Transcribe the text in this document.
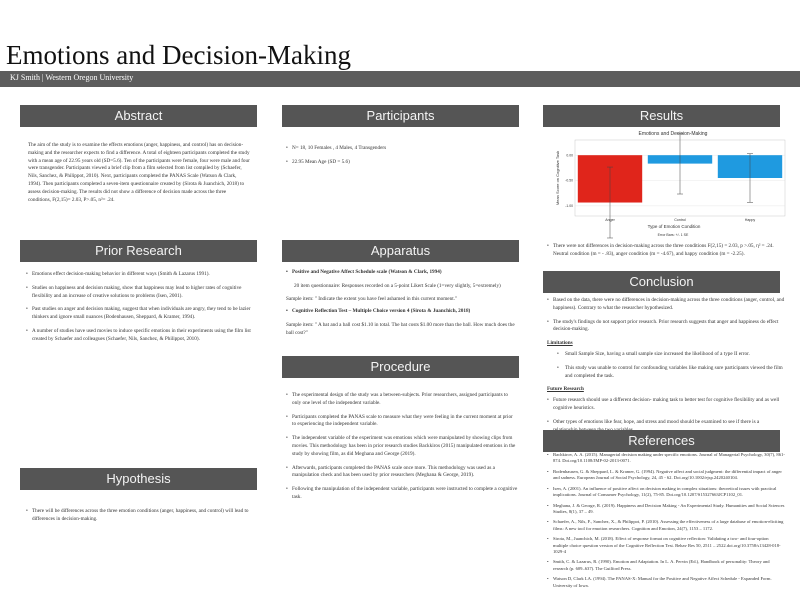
Emotions and Decision-Making
KJ Smith | Western Oregon University
Abstract

The aim of the study is to examine the effects emotions (anger, happiness, and control) has on decision-making and the researcher expects to find a difference. A total of eighteen participants completed the study with a mean age of 22.95 years old (SD=5.6). Ten of the participants were female, four were male and four were transgender. Participants viewed a brief clip from a film selected from list compiled by (Schaefer, Nils, Sanchez, & Philippot, 2010). Next, participants completed the PANAS Scale (Watson & Clark, 1994). Then participants completed a seven-item questionnaire created by (Sirota & Juanchich, 2018) to assess decision-making. The results did not show a difference of decision made across the three conditions, F(2,15)= 2.03, P>.05, n²= .24.

Prior Research
• Emotions effect decision-making behavior in different ways (Smith & Lazarus 1991).
• Studies on happiness and decision making, show that happiness may lead to higher rates of cognitive flexibility and an increase of creative solutions to problems (Isen, 2001).
• Past studies on anger and decision making, suggest that when individuals are angry, they tend to be lazier thinkers and ignore small nuances (Bodenhausen, Sheppard, & Kramer, 1994).
• A number of studies have used movies to induce specific emotions in their experiments using the film list created by Schaefer and colleagues (Schaefer, Nils, Sanchez, & Philippot, 2010).
Hypothesis
• There will be differences across the three emotion conditions (anger, happiness, and control) will lead to differences in decision-making.
Participants
• N= 18, 10 Females , 4 Males, 4 Transgenders
• 22.95 Mean Age (SD = 5.6)
Apparatus
• Positive and Negative Affect Schedule scale (Watson & Clark, 1994)

20 item questionnaire: Responses recorded on a 5-point Likert Scale (1=very slightly, 5=extremely)

Sample item: " Indicate the extent you have feel ashamed in this current moment."

• Cognitive Reflection Test – Multiple Choice version 4 (Sirota & Juanchich, 2018)

Sample item: " A bat and a ball cost $1.10 in total. The bat costs $1.00 more than the ball. How much does the ball cost?"

Procedure
• The experimental design of the study was a between-subjects. Prior researchers, assigned participants to only one level of the independent variable.
• Participants completed the PANAS scale to measure what they were feeling in the current moment at prior to experiencing the independent variable.
• The independent variable of the experiment was emotions which were manipulated by showing clips from movies. This methodology has been in prior research studies Backkiros (2015) manipulated emotions in the study by showing film, as did Meghana and George (2019).
• Afterwards, participants completed the PANAS scale once more. This methodology was used as a manipulation check and has been used by prior researchers (Meghana & George, 2019).
• Following the manipulation of the independent variable, participants were instructed to complete a cognitive task.
Results
Emotions and Decision-Making
0.00
-0.50
-1.00
Anger	Control	Happy
Type of Emotion Condition
Mean Score on Cognitive Task
Error Bars: +/- 1 SE
• There were not differences in decision-making across the three conditions F(2,15) = 2.03, p >.05, η² = .24. Neutral condition (m = - .83), anger condition (m = -4.67), and happy condition (m = -2.25).
Conclusion
• Based on the data, there were no differences in decision-making across the three conditions (anger, control, and happiness). Contrary to what the researcher hypothesized.
• The study's findings do not support prior research. Prior research suggests that anger and happiness do effect decision-making.
Limitations
• Small Sample Size, having a small sample size increased the likelihood of a type II error.
• This study was unable to control for confounding variables like making sure participants viewed the film and completed the task.
Future Research
• Future research should use a different decision- making task to better test for cognitive flexibility and as well cognitive heuristics.
• Other types of emotions like fear, hope, and stress and mood should be examined to see if there is a
References

• Bachkirov, A. A. (2015). Managerial decision making under specific emotions. Journal of Managerial Psychology, 30(7), 861-874. Doi.org/10.1108/JMP-02-2013-0071.

• Bodenhausen, G. & Sheppard, L. & Kramer, G. (1994). Negative affect and social judgment: the differential impact of anger and sadness. European Journal of Social Psychology, 24, 45 - 62. Doi.org/10.1002/ejsp.2420240104.

• Isen, A. (2001). An influence of positive affect on decision making in complex situations: theoretical issues with practical implications. Journal of Consumer Psychology, 11(2), 75-85. Doi.org/10.1207/S15327663JCP1102_01.

• Meghana, J. & George, R. (2019). Happiness and Decision Making - An Experimental Study. Humanities and Social Sciences Studies, 8(1), 37 – 49.

• Schaefer, A., Nils, F., Sanchez, X., & Philippot, P. (2010). Assessing the effectiveness of a large database of emotion-eliciting films: A new tool for emotion researchers. Cognition and Emotion, 24(7), 1153 – 1172.

• Sirota, M., Juanchich, M. (2018). Effect of response format on cognitive reflection: Validating a two- and four-option multiple choice question version of the Cognitive Reflection Test. Behav Res 50, 2511 – 2522.doi.org/10.3758/s13428-018-1029-4

• Smith, C. & Lazarus, R. (1990). Emotion and Adaptation. In L. A. Pervin (Ed.), Handbook of personality: Theory and research (p. 609–637). The Guilford Press.

• Watson D, Clark LA. (1994). The PANAS-X: Manual for the Positive and Negative Affect Schedule - Expanded Form. University of Iowa.
